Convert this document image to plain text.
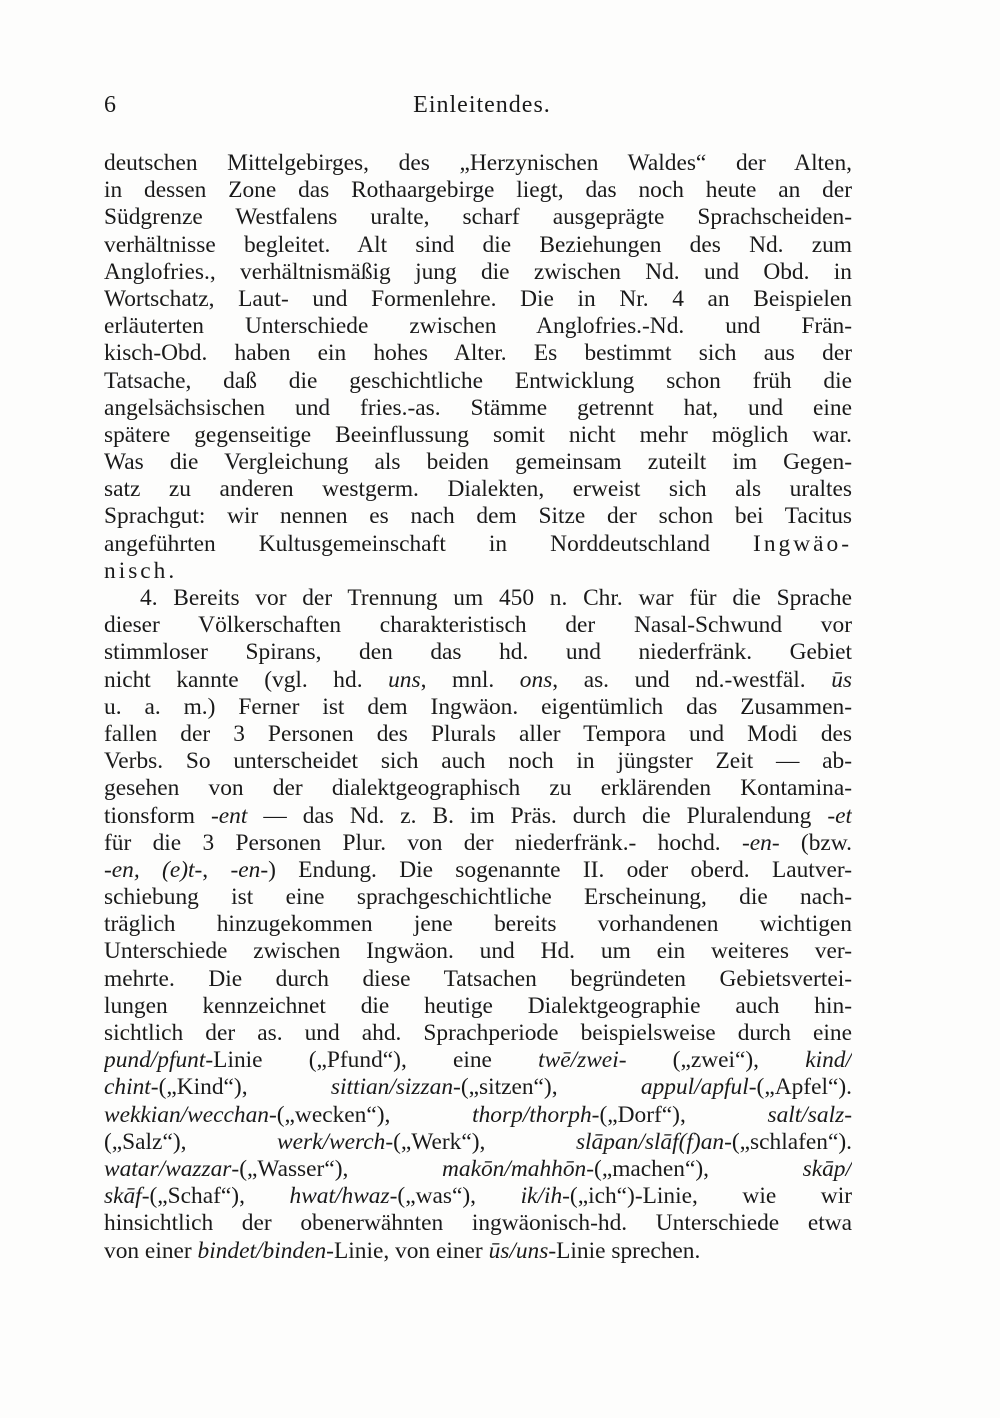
6	Einleitendes.
deutschen Mittelgebirges, des „Herzynischen Waldes“ der Alten,
in dessen Zone das Rothaargebirge liegt, das noch heute an der
Südgrenze Westfalens uralte, scharf ausgeprägte Sprachscheiden-
verhältnisse begleitet. Alt sind die Beziehungen des Nd. zum
Anglofries., verhältnismäßig jung die zwischen Nd. und Obd. in
Wortschatz, Laut- und Formenlehre. Die in Nr. 4 an Beispielen
erläuterten Unterschiede zwischen Anglofries.-Nd. und Frän-
kisch-Obd. haben ein hohes Alter. Es bestimmt sich aus der
Tatsache, daß die geschichtliche Entwicklung schon früh die
angelsächsischen und fries.-as. Stämme getrennt hat, und eine
spätere gegenseitige Beeinflussung somit nicht mehr möglich war.
Was die Vergleichung als beiden gemeinsam zuteilt im Gegen-
satz zu anderen westgerm. Dialekten, erweist sich als uraltes
Sprachgut: wir nennen es nach dem Sitze der schon bei Tacitus
angeführten Kultusgemeinschaft in Norddeutschland Ingwäo-
nisch.
4. Bereits vor der Trennung um 450 n. Chr. war für die Sprache
dieser Völkerschaften charakteristisch der Nasal-Schwund vor
stimmloser Spirans, den das hd. und niederfränk. Gebiet
nicht kannte (vgl. hd. uns, mnl. ons, as. und nd.-westfäl. ūs
u. a. m.) Ferner ist dem Ingwäon. eigentümlich das Zusammen-
fallen der 3 Personen des Plurals aller Tempora und Modi des
Verbs. So unterscheidet sich auch noch in jüngster Zeit — ab-
gesehen von der dialektgeographisch zu erklärenden Kontamina-
tionsform -ent — das Nd. z. B. im Präs. durch die Pluralendung -et
für die 3 Personen Plur. von der niederfränk.- hochd. -en- (bzw.
-en, (e)t-, -en-) Endung. Die sogenannte II. oder oberd. Lautver-
schiebung ist eine sprachgeschichtliche Erscheinung, die nach-
träglich hinzugekommen jene bereits vorhandenen wichtigen
Unterschiede zwischen Ingwäon. und Hd. um ein weiteres ver-
mehrte. Die durch diese Tatsachen begründeten Gebietsvertei-
lungen kennzeichnet die heutige Dialektgeographie auch hin-
sichtlich der as. und ahd. Sprachperiode beispielsweise durch eine
pund/pfunt-Linie („Pfund“), eine twē/zwei- („zwei“), kind/
chint-(„Kind“), sittian/sizzan-(„sitzen“), appul/apful-(„Apfel“).
wekkian/wecchan-(„wecken“), thorp/thorph-(„Dorf“), salt/salz-
(„Salz“), werk/werch-(„Werk“), slāpan/slāf(f)an-(„schlafen“).
watar/wazzar-(„Wasser“), makōn/mahhōn-(„machen“), skāp/
skāf-(„Schaf“), hwat/hwaz-(„was“), ik/ih-(„ich“)-Linie, wie wir
hinsichtlich der obenerwähnten ingwäonisch-hd. Unterschiede etwa
von einer bindet/binden-Linie, von einer ūs/uns-Linie sprechen.
